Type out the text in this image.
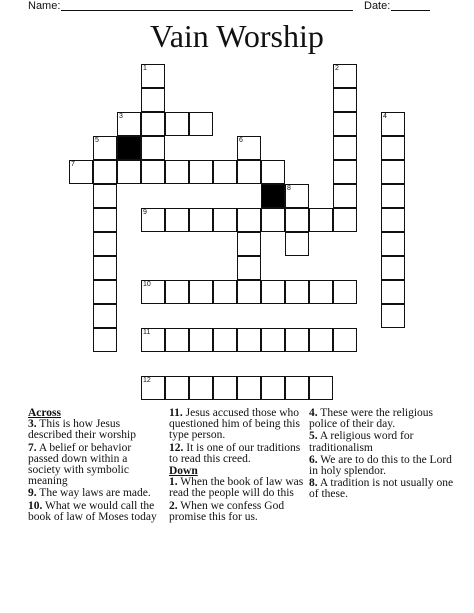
Name:	Date:
Vain Worship
1	2
3	4
5	6
7
8
9
10
11
12
Across
3. This is how Jesus described their worship
7. A belief or behavior passed down within a society with symbolic meaning
9. The way laws are made.
10. What we would call the book of law of Moses today
11. Jesus accused those who questioned him of being this type person.
12. It is one of our traditions to read this creed.
Down
1. When the book of law was read the people will do this
2. When we confess God promise this for us.
4. These were the religious police of their day.
5. A religious word for traditionalism
6. We are to do this to the Lord in holy splendor.
8. A tradition is not usually one of these.
